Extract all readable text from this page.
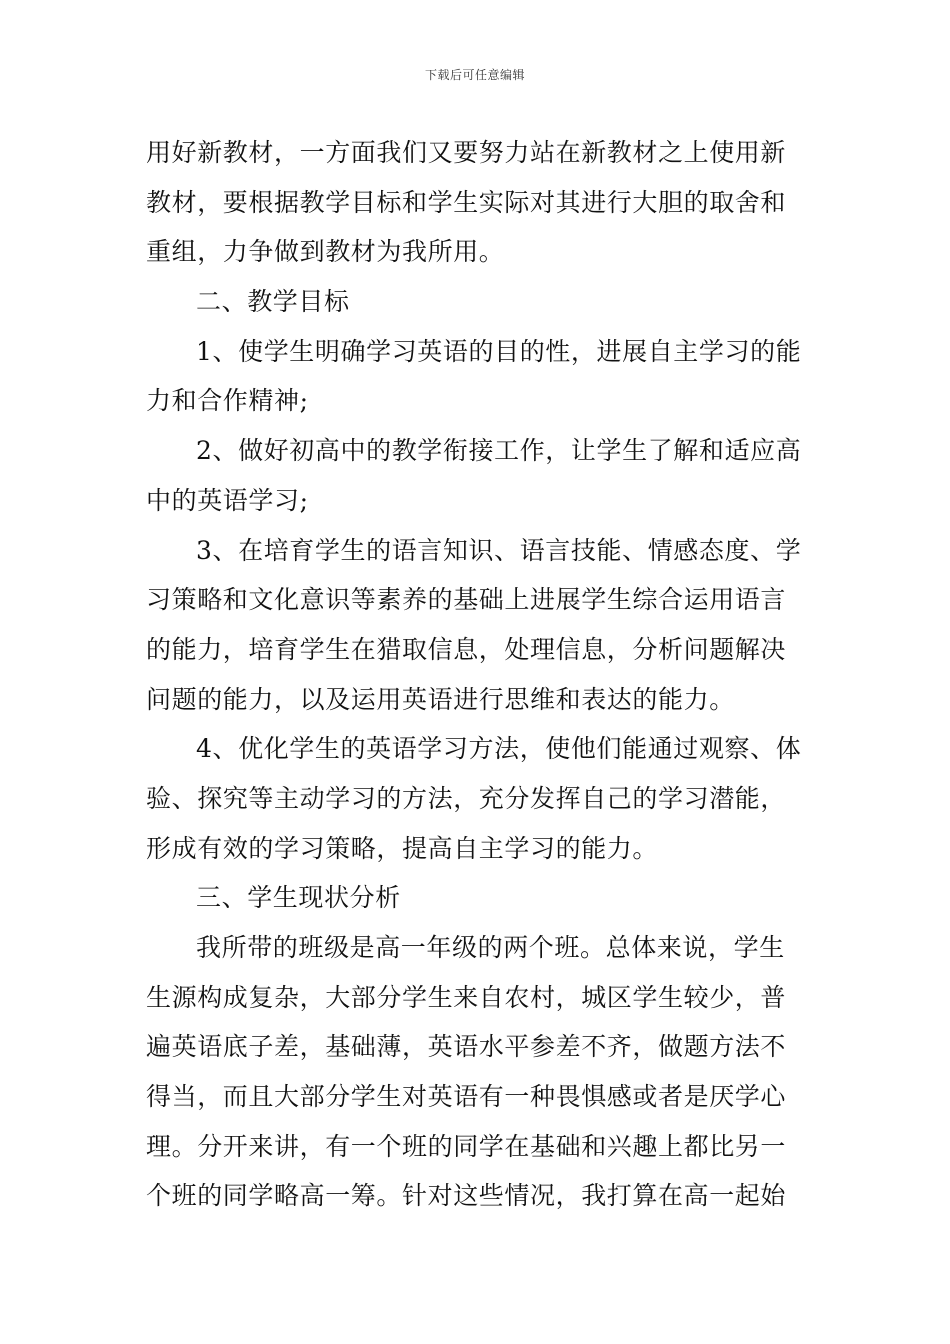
下载后可任意编辑
用好新教材，一方面我们又要努力站在新教材之上使用新
教材，要根据教学目标和学生实际对其进行大胆的取舍和
重组，力争做到教材为我所用。
二、教学目标
1、使学生明确学习英语的目的性，进展自主学习的能
力和合作精神;
2、做好初高中的教学衔接工作，让学生了解和适应高
中的英语学习;
3、在培育学生的语言知识、语言技能、情感态度、学
习策略和文化意识等素养的基础上进展学生综合运用语言
的能力，培育学生在猎取信息，处理信息，分析问题解决
问题的能力，以及运用英语进行思维和表达的能力。
4、优化学生的英语学习方法，使他们能通过观察、体
验、探究等主动学习的方法，充分发挥自己的学习潜能，
形成有效的学习策略，提高自主学习的能力。
三、学生现状分析
我所带的班级是高一年级的两个班。总体来说，学生
生源构成复杂，大部分学生来自农村，城区学生较少，普
遍英语底子差，基础薄，英语水平参差不齐，做题方法不
得当，而且大部分学生对英语有一种畏惧感或者是厌学心
理。分开来讲，有一个班的同学在基础和兴趣上都比另一
个班的同学略高一筹。针对这些情况，我打算在高一起始
